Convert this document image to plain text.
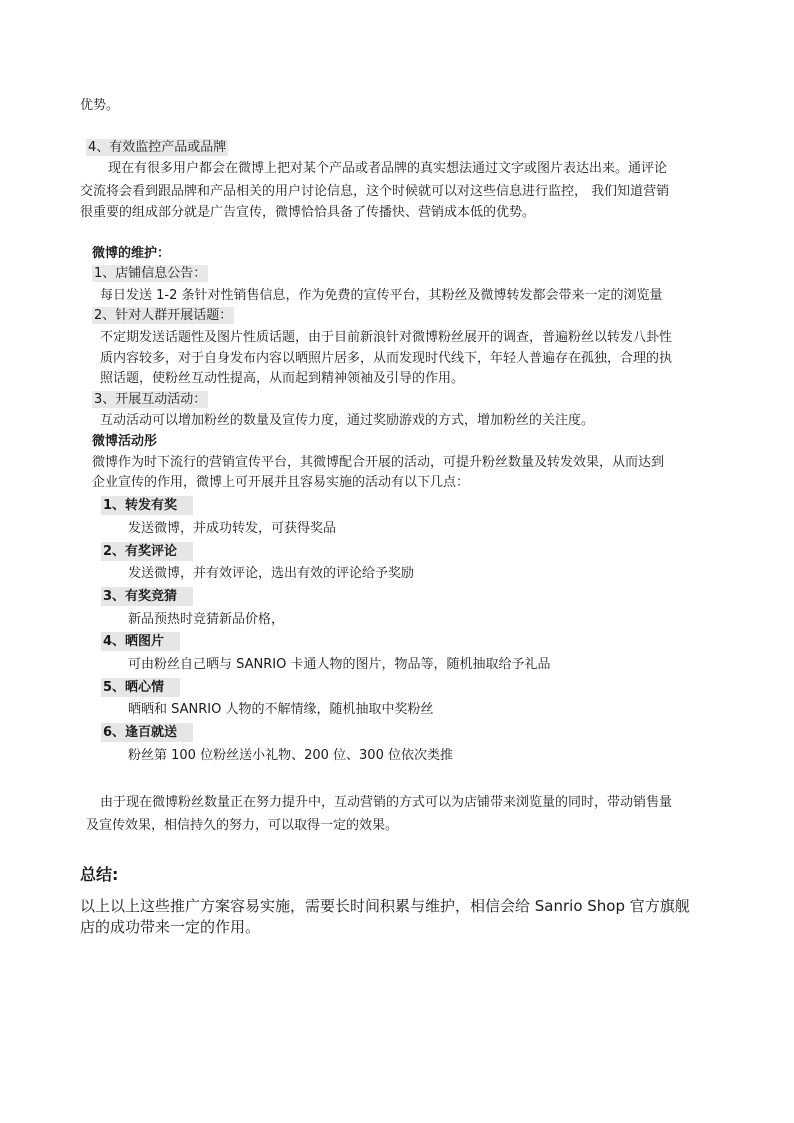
优势。
4、有效监控产品或品牌
现在有很多用户都会在微博上把对某个产品或者品牌的真实想法通过文字或图片表达出来。通评论
交流将会看到跟品牌和产品相关的用户讨论信息，这个时候就可以对这些信息进行监控， 我们知道营销
很重要的组成部分就是广告宣传，微博恰恰具备了传播快、营销成本低的优势。
微博的维护：
1、店铺信息公告：
每日发送 1-2 条针对性销售信息，作为免费的宣传平台，其粉丝及微博转发都会带来一定的浏览量
2、针对人群开展话题：
不定期发送话题性及图片性质话题，由于目前新浪针对微博粉丝展开的调查，普遍粉丝以转发八卦性
质内容较多，对于自身发布内容以晒照片居多，从而发现时代线下，年轻人普遍存在孤独，合理的执
照话题，使粉丝互动性提高，从而起到精神领袖及引导的作用。
3、开展互动活动：
互动活动可以增加粉丝的数量及宣传力度，通过奖励游戏的方式，增加粉丝的关注度。
微博活动彤
微博作为时下流行的营销宣传平台，其微博配合开展的活动，可提升粉丝数量及转发效果，从而达到
企业宣传的作用，微博上可开展并且容易实施的活动有以下几点：
1、转发有奖
发送微博，并成功转发，可获得奖品
2、有奖评论
发送微博，并有效评论，选出有效的评论给予奖励
3、有奖竞猜
新品预热时竞猜新品价格，
4、晒图片
可由粉丝自己晒与 SANRIO 卡通人物的图片，物品等，随机抽取给予礼品
5、晒心情
晒晒和 SANRIO 人物的不解情缘，随机抽取中奖粉丝
6、逢百就送
粉丝第 100 位粉丝送小礼物、200 位、300 位依次类推
由于现在微博粉丝数量正在努力提升中，互动营销的方式可以为店铺带来浏览量的同时，带动销售量
及宣传效果，相信持久的努力，可以取得一定的效果。
总结:
以上以上这些推广方案容易实施，需要长时间积累与维护，相信会给 Sanrio Shop 官方旗舰
店的成功带来一定的作用。
